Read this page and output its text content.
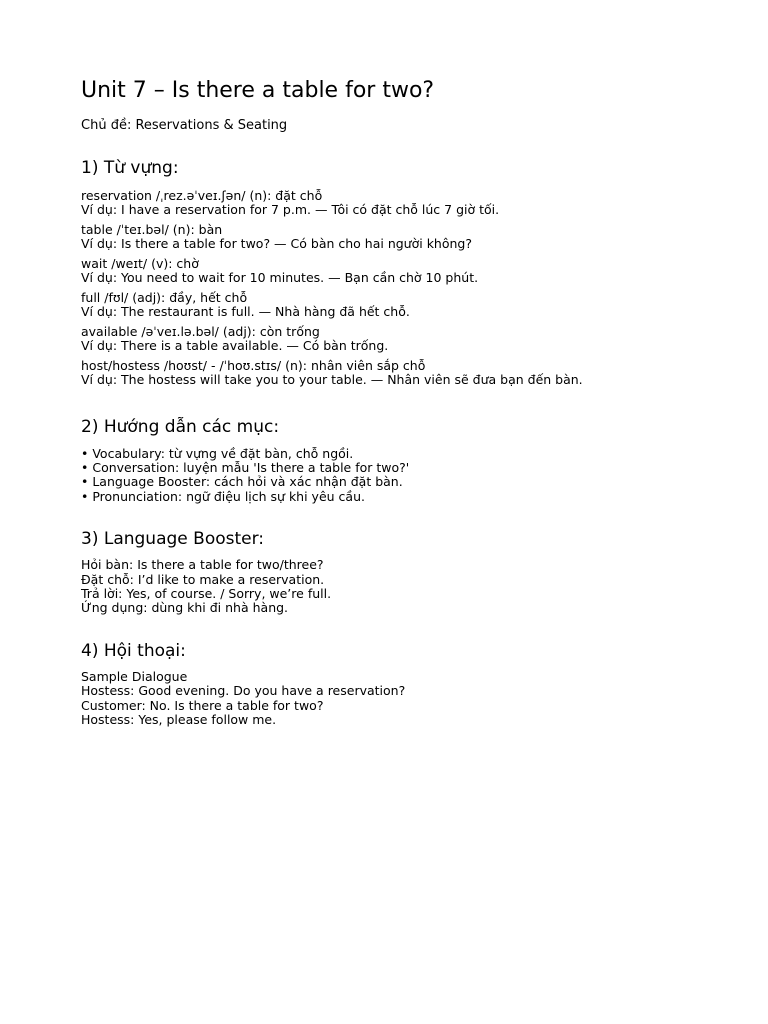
Unit 7 – Is there a table for two?
Chủ đề: Reservations & Seating
1) Từ vựng:
reservation /ˌrez.əˈveɪ.ʃən/ (n): đặt chỗ
Ví dụ: I have a reservation for 7 p.m. — Tôi có đặt chỗ lúc 7 giờ tối.
table /ˈteɪ.bəl/ (n): bàn
Ví dụ: Is there a table for two? — Có bàn cho hai người không?
wait /weɪt/ (v): chờ
Ví dụ: You need to wait for 10 minutes. — Bạn cần chờ 10 phút.
full /fʊl/ (adj): đầy, hết chỗ
Ví dụ: The restaurant is full. — Nhà hàng đã hết chỗ.
available /əˈveɪ.lə.bəl/ (adj): còn trống
Ví dụ: There is a table available. — Có bàn trống.
host/hostess /hoʊst/ - /ˈhoʊ.stɪs/ (n): nhân viên sắp chỗ
Ví dụ: The hostess will take you to your table. — Nhân viên sẽ đưa bạn đến bàn.
2) Hướng dẫn các mục:
• Vocabulary: từ vựng về đặt bàn, chỗ ngồi.
• Conversation: luyện mẫu 'Is there a table for two?'
• Language Booster: cách hỏi và xác nhận đặt bàn.
• Pronunciation: ngữ điệu lịch sự khi yêu cầu.
3) Language Booster:
Hỏi bàn: Is there a table for two/three?
Đặt chỗ: I’d like to make a reservation.
Trả lời: Yes, of course. / Sorry, we’re full.
Ứng dụng: dùng khi đi nhà hàng.
4) Hội thoại:
Sample Dialogue
Hostess: Good evening. Do you have a reservation?
Customer: No. Is there a table for two?
Hostess: Yes, please follow me.
